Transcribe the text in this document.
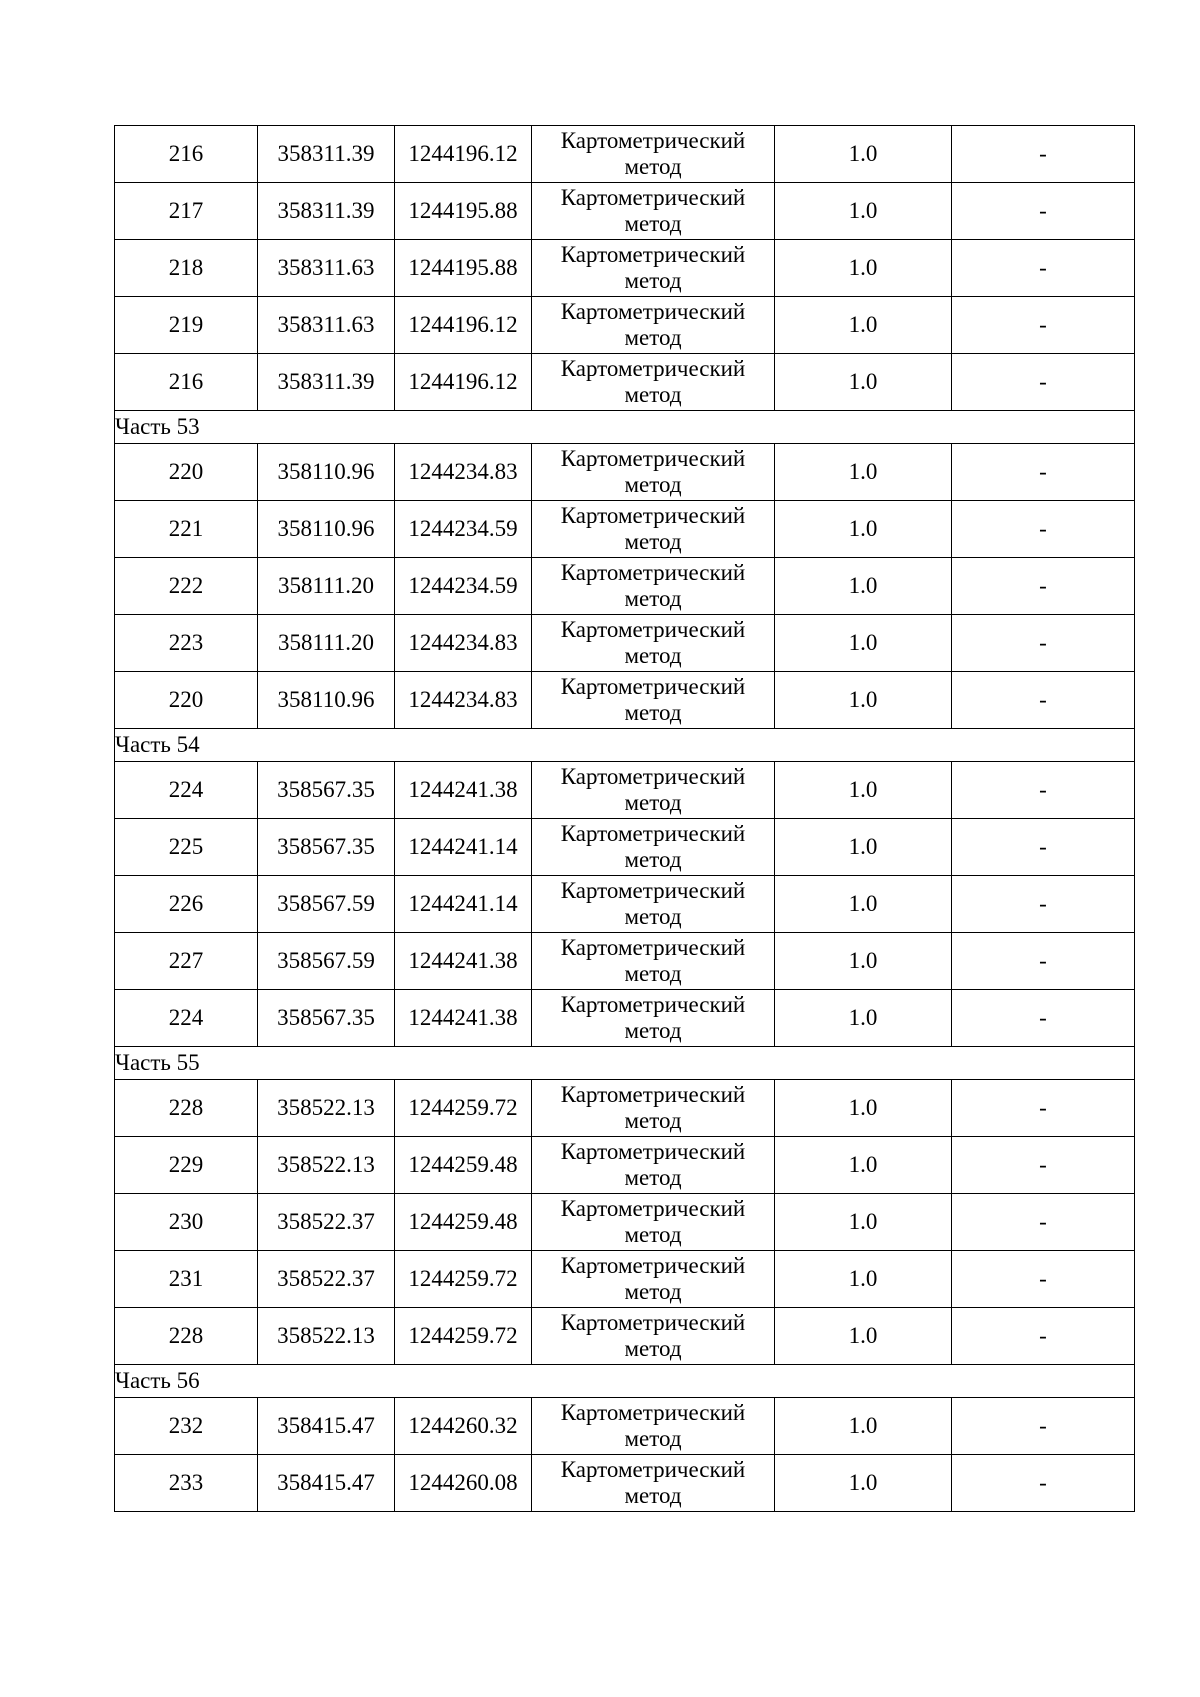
216	358311.39	1244196.12	Картометрический метод	1.0	-
217	358311.39	1244195.88	Картометрический метод	1.0	-
218	358311.63	1244195.88	Картометрический метод	1.0	-
219	358311.63	1244196.12	Картометрический метод	1.0	-
216	358311.39	1244196.12	Картометрический метод	1.0	-
Часть 53					
220	358110.96	1244234.83	Картометрический метод	1.0	-
221	358110.96	1244234.59	Картометрический метод	1.0	-
222	358111.20	1244234.59	Картометрический метод	1.0	-
223	358111.20	1244234.83	Картометрический метод	1.0	-
220	358110.96	1244234.83	Картометрический метод	1.0	-
Часть 54					
224	358567.35	1244241.38	Картометрический метод	1.0	-
225	358567.35	1244241.14	Картометрический метод	1.0	-
226	358567.59	1244241.14	Картометрический метод	1.0	-
227	358567.59	1244241.38	Картометрический метод	1.0	-
224	358567.35	1244241.38	Картометрический метод	1.0	-
Часть 55					
228	358522.13	1244259.72	Картометрический метод	1.0	-
229	358522.13	1244259.48	Картометрический метод	1.0	-
230	358522.37	1244259.48	Картометрический метод	1.0	-
231	358522.37	1244259.72	Картометрический метод	1.0	-
228	358522.13	1244259.72	Картометрический метод	1.0	-
Часть 56					
232	358415.47	1244260.32	Картометрический метод	1.0	-
233	358415.47	1244260.08	Картометрический метод	1.0	-
